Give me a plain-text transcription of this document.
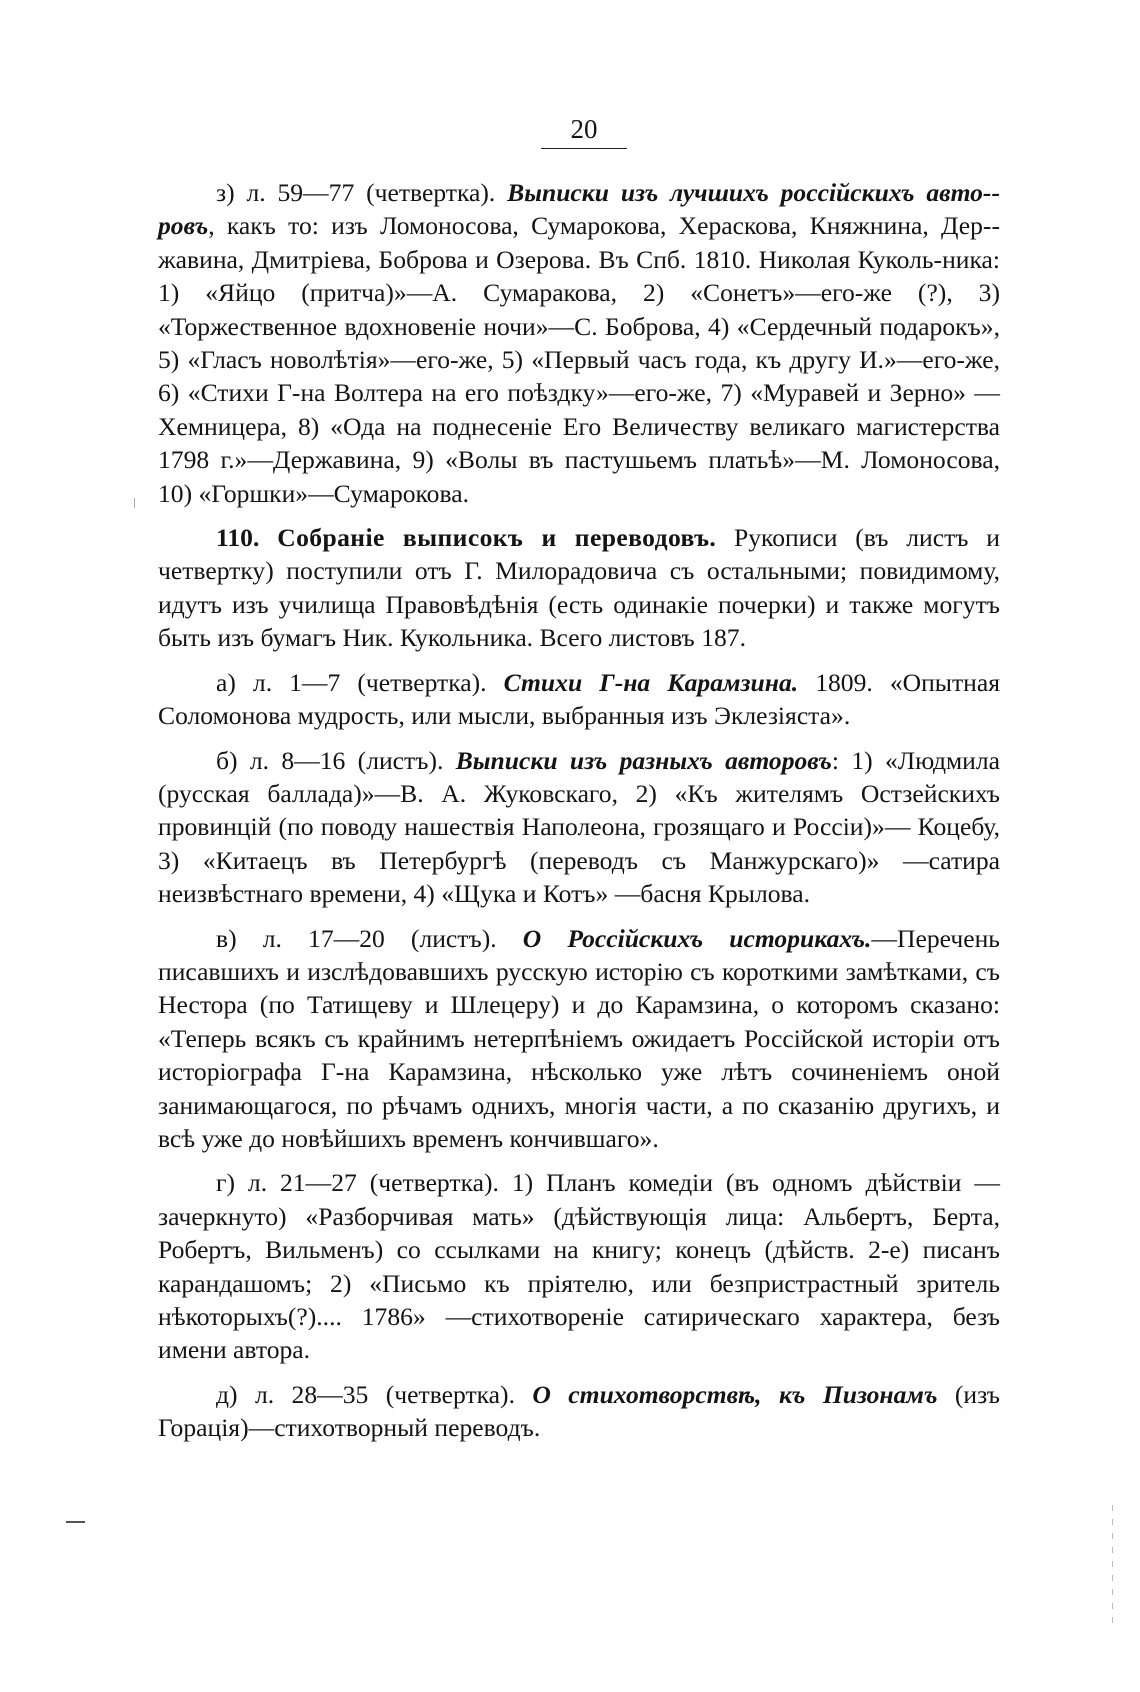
20

з) л. 59—77 (четвертка). Выписки изъ лучшихъ россійскихъ авто-ровъ, какъ то: изъ Ломоносова, Сумарокова, Хераскова, Княжнина, Дер-жавина, Дмитріева, Боброва и Озерова. Въ Спб. 1810. Николая Куколь-ника: 1) «Яйцо (притча)»—А. Сумаракова, 2) «Сонетъ»—его-же (?), 3) «Торжественное вдохновеніе ночи»—С. Боброва, 4) «Сердечный подарокъ», 5) «Гласъ новолѣтія»—его-же, 5) «Первый часъ года, къ другу И.»—его-же, 6) «Стихи Г-на Волтера на его поѣздку»—его-же, 7) «Муравей и Зерно» —Хемницера, 8) «Ода на поднесеніе Его Величеству великаго магистерства 1798 г.»—Державина, 9) «Волы въ пастушьемъ платьѣ»—М. Ломоносова, 10) «Горшки»—Сумарокова.

110. Собраніе выписокъ и переводовъ. Рукописи (въ листъ и четвертку) поступили отъ Г. Милорадовича съ остальными; повидимому, идутъ изъ училища Правовѣдѣнія (есть одинакіе почерки) и также могутъ быть изъ бумагъ Ник. Кукольника. Всего листовъ 187.

а) л. 1—7 (четвертка). Стихи Г-на Карамзина. 1809. «Опытная Соломонова мудрость, или мысли, выбранныя изъ Эклезіяста».

б) л. 8—16 (листъ). Выписки изъ разныхъ авторовъ: 1) «Людмила (русская баллада)»—В. А. Жуковскаго, 2) «Къ жителямъ Остзейскихъ провинцій (по поводу нашествія Наполеона, грозящаго и Россіи)»— Коцебу, 3) «Китаецъ въ Петербургѣ (переводъ съ Манжурскаго)» —сатира неизвѣстнаго времени, 4) «Щука и Котъ» —басня Крылова.

в) л. 17—20 (листъ). О Россійскихъ историкахъ.—Перечень писавшихъ и изслѣдовавшихъ русскую исторію съ короткими замѣтками, съ Нестора (по Татищеву и Шлецеру) и до Карамзина, о которомъ сказано: «Теперь всякъ съ крайнимъ нетерпѣніемъ ожидаетъ Россійской исторіи отъ исторіографа Г-на Карамзина, нѣсколько уже лѣтъ сочиненіемъ оной занимающагося, по рѣчамъ однихъ, многія части, а по сказанію другихъ, и всѣ уже до новѣйшихъ временъ кончившаго».

г) л. 21—27 (четвертка). 1) Планъ комедіи (въ одномъ дѣйствіи —зачеркнуто) «Разборчивая мать» (дѣйствующія лица: Альбертъ, Берта, Робертъ, Вильменъ) со ссылками на книгу; конецъ (дѣйств. 2-е) писанъ карандашомъ; 2) «Письмо къ пріятелю, или безпристрастный зритель нѣкоторыхъ(?).... 1786» —стихотвореніе сатирическаго характера, безъ имени автора.

д) л. 28—35 (четвертка). О стихотворствѣ, къ Пизонамъ (изъ Горація)—стихотворный переводъ.
